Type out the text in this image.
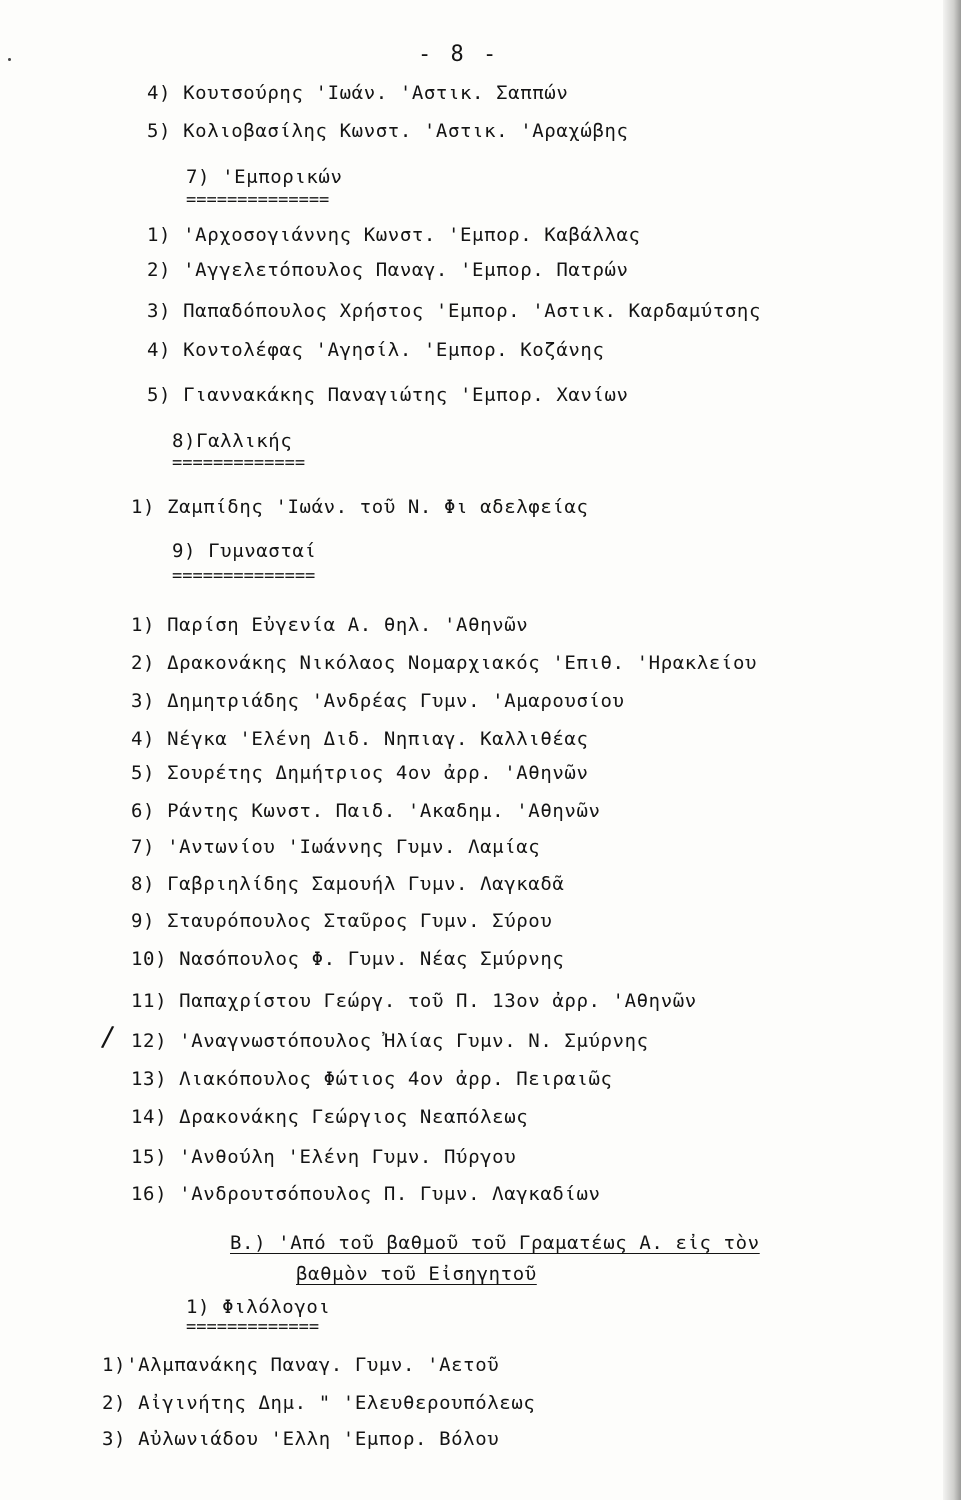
- 8 -
4) Κουτσούρης 'Ιωάν. 'Αστικ. Σαππών
5) Κολιοβασίλης Κωνστ. 'Αστικ. 'Αραχώβης
7) 'Εμπορικών
==============
1) 'Αρχοσογιάννης Κωνστ. 'Εμπορ. Καβάλλας
2) 'Αγγελετόπουλος Παναγ. 'Εμπορ. Πατρών
3) Παπαδόπουλος Χρήστος 'Εμπορ. 'Αστικ. Καρδαμύτσης
4) Κοντολέφας 'Αγησίλ. 'Εμπορ. Κοζάνης
5) Γιαννακάκης Παναγιώτης 'Εμπορ. Χανίων
8)Γαλλικής
=============
1) Ζαμπίδης 'Ιωάν. τοῦ Ν. Φι αδελφείας
9) Γυμνασταί
==============
1) Παρίση Εὐγενία Α. θηλ. 'Αθηνῶν
2) Δρακονάκης Νικόλαος Νομαρχιακός 'Επιθ. 'Ηρακλείου
3) Δημητριάδης 'Ανδρέας Γυμν. 'Αμαρουσίου
4) Νέγκα 'Ελένη Διδ. Νηπιαγ. Καλλιθέας
5) Σουρέτης Δημήτριος 4ον ἀρρ. 'Αθηνῶν
6) Ράντης Κωνστ. Παιδ. 'Ακαδημ. 'Αθηνῶν
7) 'Αντωνίου 'Ιωάννης Γυμν. Λαμίας
8) Γαβριηλίδης Σαμουήλ Γυμν. Λαγκαδᾶ
9) Σταυρόπουλος Σταῦρος Γυμν. Σύρου
10) Νασόπουλος Φ. Γυμν. Νέας Σμύρνης
11) Παπαχρίστου Γεώργ. τοῦ Π. 13ον ἀρρ. 'Αθηνῶν
/ 12) 'Αναγνωστόπουλος Ἠλίας Γυμν. Ν. Σμύρνης
13) Λιακόπουλος Φώτιος 4ον ἀρρ. Πειραιῶς
14) Δρακονάκης Γεώργιος Νεαπόλεως
15) 'Ανθούλη 'Ελένη Γυμν. Πύργου
16) 'Ανδρουτσόπουλος Π. Γυμν. Λαγκαδίων
Β.) 'Από τοῦ βαθμοῦ τοῦ Γραματέως Α. εἰς τὸν
βαθμὸν τοῦ Εἰσηγητοῦ
1) Φιλόλογοι
=============
1)'Αλμπανάκης Παναγ. Γυμν. 'Αετοῦ
2) Αἰγινήτης Δημ. " 'Ελευθερουπόλεως
3) Αὐλωνιάδου 'Ελλη 'Εμπορ. Βόλου
